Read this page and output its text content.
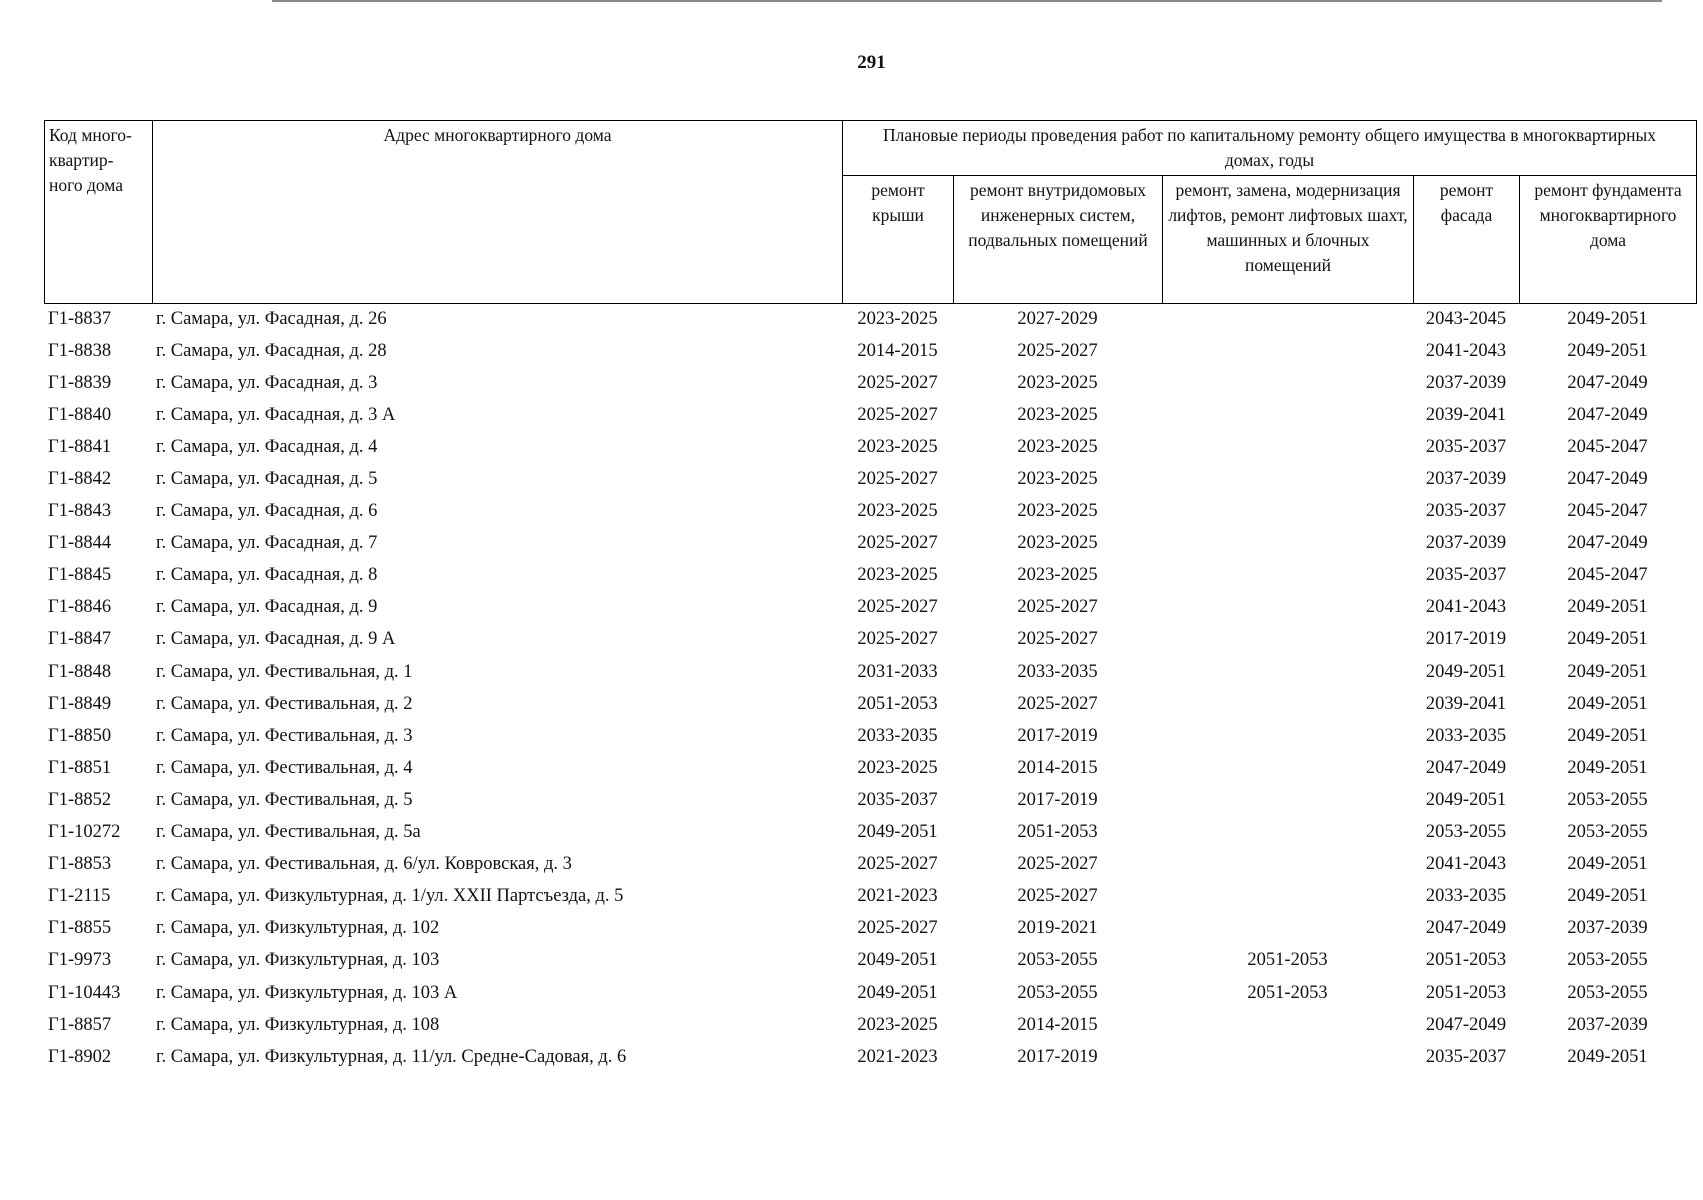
291
Код много-
квартир-
ного дома	Адрес многоквартирного дома	Плановые периоды проведения работ по капитальному ремонту общего имущества в многоквартирных домах, годы				
		ремонт крыши	ремонт внутридомовых инженерных систем, подвальных помещений	ремонт, замена, модернизация лифтов, ремонт лифтовых шахт, машинных и блочных помещений	ремонт фасада	ремонт фундамента многоквартирного дома
Г1-8837	г. Самара, ул. Фасадная, д. 26	2023-2025	2027-2029		2043-2045	2049-2051
Г1-8838	г. Самара, ул. Фасадная, д. 28	2014-2015	2025-2027		2041-2043	2049-2051
Г1-8839	г. Самара, ул. Фасадная, д. 3	2025-2027	2023-2025		2037-2039	2047-2049
Г1-8840	г. Самара, ул. Фасадная, д. 3 А	2025-2027	2023-2025		2039-2041	2047-2049
Г1-8841	г. Самара, ул. Фасадная, д. 4	2023-2025	2023-2025		2035-2037	2045-2047
Г1-8842	г. Самара, ул. Фасадная, д. 5	2025-2027	2023-2025		2037-2039	2047-2049
Г1-8843	г. Самара, ул. Фасадная, д. 6	2023-2025	2023-2025		2035-2037	2045-2047
Г1-8844	г. Самара, ул. Фасадная, д. 7	2025-2027	2023-2025		2037-2039	2047-2049
Г1-8845	г. Самара, ул. Фасадная, д. 8	2023-2025	2023-2025		2035-2037	2045-2047
Г1-8846	г. Самара, ул. Фасадная, д. 9	2025-2027	2025-2027		2041-2043	2049-2051
Г1-8847	г. Самара, ул. Фасадная, д. 9 А	2025-2027	2025-2027		2017-2019	2049-2051
Г1-8848	г. Самара, ул. Фестивальная, д. 1	2031-2033	2033-2035		2049-2051	2049-2051
Г1-8849	г. Самара, ул. Фестивальная, д. 2	2051-2053	2025-2027		2039-2041	2049-2051
Г1-8850	г. Самара, ул. Фестивальная, д. 3	2033-2035	2017-2019		2033-2035	2049-2051
Г1-8851	г. Самара, ул. Фестивальная, д. 4	2023-2025	2014-2015		2047-2049	2049-2051
Г1-8852	г. Самара, ул. Фестивальная, д. 5	2035-2037	2017-2019		2049-2051	2053-2055
Г1-10272	г. Самара, ул. Фестивальная, д. 5а	2049-2051	2051-2053		2053-2055	2053-2055
Г1-8853	г. Самара, ул. Фестивальная, д. 6/ул. Ковровская, д. 3	2025-2027	2025-2027		2041-2043	2049-2051
Г1-2115	г. Самара, ул. Физкультурная, д. 1/ул. XXII Партсъезда, д. 5	2021-2023	2025-2027		2033-2035	2049-2051
Г1-8855	г. Самара, ул. Физкультурная, д. 102	2025-2027	2019-2021		2047-2049	2037-2039
Г1-9973	г. Самара, ул. Физкультурная, д. 103	2049-2051	2053-2055	2051-2053	2051-2053	2053-2055
Г1-10443	г. Самара, ул. Физкультурная, д. 103 А	2049-2051	2053-2055	2051-2053	2051-2053	2053-2055
Г1-8857	г. Самара, ул. Физкультурная, д. 108	2023-2025	2014-2015		2047-2049	2037-2039
Г1-8902	г. Самара, ул. Физкультурная, д. 11/ул. Средне-Садовая, д. 6	2021-2023	2017-2019		2035-2037	2049-2051
